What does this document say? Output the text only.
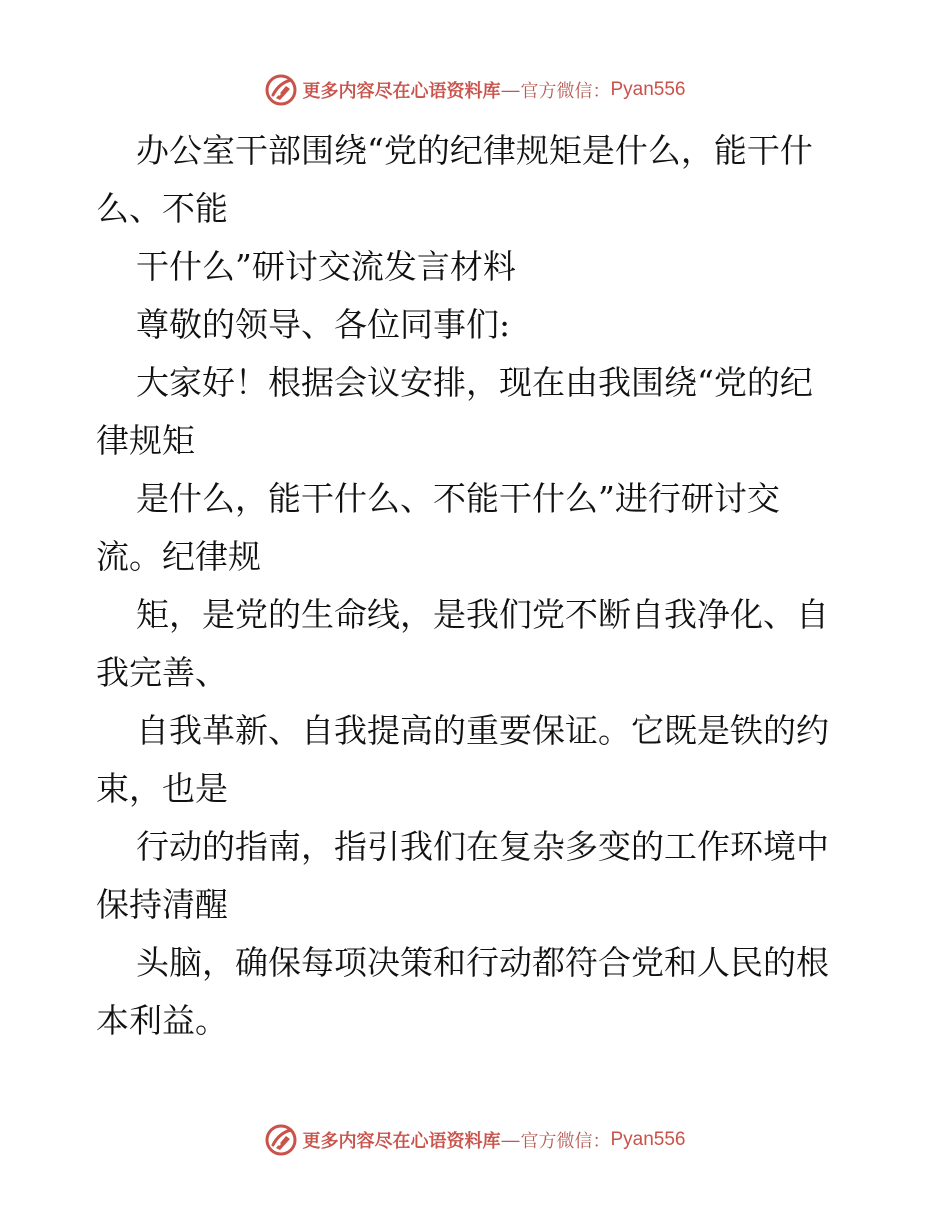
更多内容尽在心语资料库 — 官方微信： Pyan556
办公室干部围绕“党的纪律规矩是什么，能干什
么、不能
干什么”研讨交流发言材料
尊敬的领导、各位同事们:
大家好！根据会议安排，现在由我围绕“党的纪
律规矩
是什么，能干什么、不能干什么”进行研讨交
流。纪律规
矩，是党的生命线，是我们党不断自我净化、自
我完善、
自我革新、自我提高的重要保证。它既是铁的约
束，也是
行动的指南，指引我们在复杂多变的工作环境中
保持清醒
头脑，确保每项决策和行动都符合党和人民的根
本利益。
更多内容尽在心语资料库 — 官方微信： Pyan556
